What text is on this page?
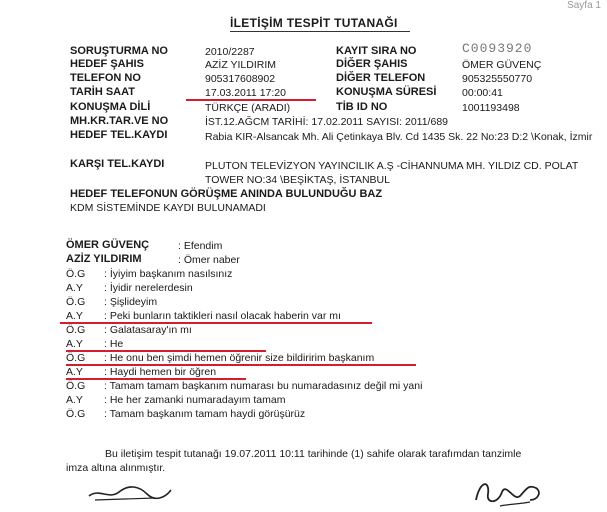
Sayfa 1
İLETİŞİM TESPİT TUTANAĞI
SORUŞTURMA NO	2010/2287	KAYIT SIRA NO	C0093920
HEDEF ŞAHIS	AZİZ YILDIRIM	DİĞER ŞAHIS	ÖMER GÜVENÇ
TELEFON NO	905317608902	DİĞER TELEFON	905325550770
TARİH SAAT	17.03.2011 17:20	KONUŞMA SÜRESİ 00:00:41
KONUŞMA DİLİ	TÜRKÇE (ARADI)	TİB ID NO	1001193498
MH.KR.TAR.VE NO	İST.12.AĞCM TARİHİ: 17.02.2011 SAYISI: 2011/689
HEDEF TEL.KAYDI	Rabia KIR-Alsancak Mh. Ali Çetinkaya Blv. Cd 1435 Sk. 22 No:23 D:2 \Konak, İzmir
KARŞI TEL.KAYDI	PLUTON TELEVİZYON YAYINCILIK A.Ş -CİHANNUMA MH. YILDIZ CD. POLAT TOWER NO:34 \BEŞİKTAŞ, İSTANBUL
HEDEF TELEFONUN GÖRÜŞME ANINDA BULUNDUĞU BAZ
KDM SİSTEMİNDE KAYDI BULUNAMADI
ÖMER GÜVENÇ	: Efendim
AZİZ YILDIRIM	: Ömer naber
Ö.G : İyiyim başkanım nasılsınız
A.Y : İyidir nerelerdesin
Ö.G : Şişlideyim
A.Y : Peki bunların taktikleri nasıl olacak haberin var mı
Ö.G : Galatasaray'ın mı
A.Y : He
Ö.G : He onu ben şimdi hemen öğrenir size bildiririm başkanım
A.Y : Haydi hemen bir öğren
Ö.G : Tamam tamam başkanım numarası bu numaradasınız değil mi yani
A.Y : He her zamanki numaradayım tamam
Ö.G : Tamam başkanım tamam haydi görüşürüz
Bu iletişim tespit tutanağı 19.07.2011 10:11 tarihinde (1) sahife olarak tarafımdan tanzimle
imza altına alınmıştır.
